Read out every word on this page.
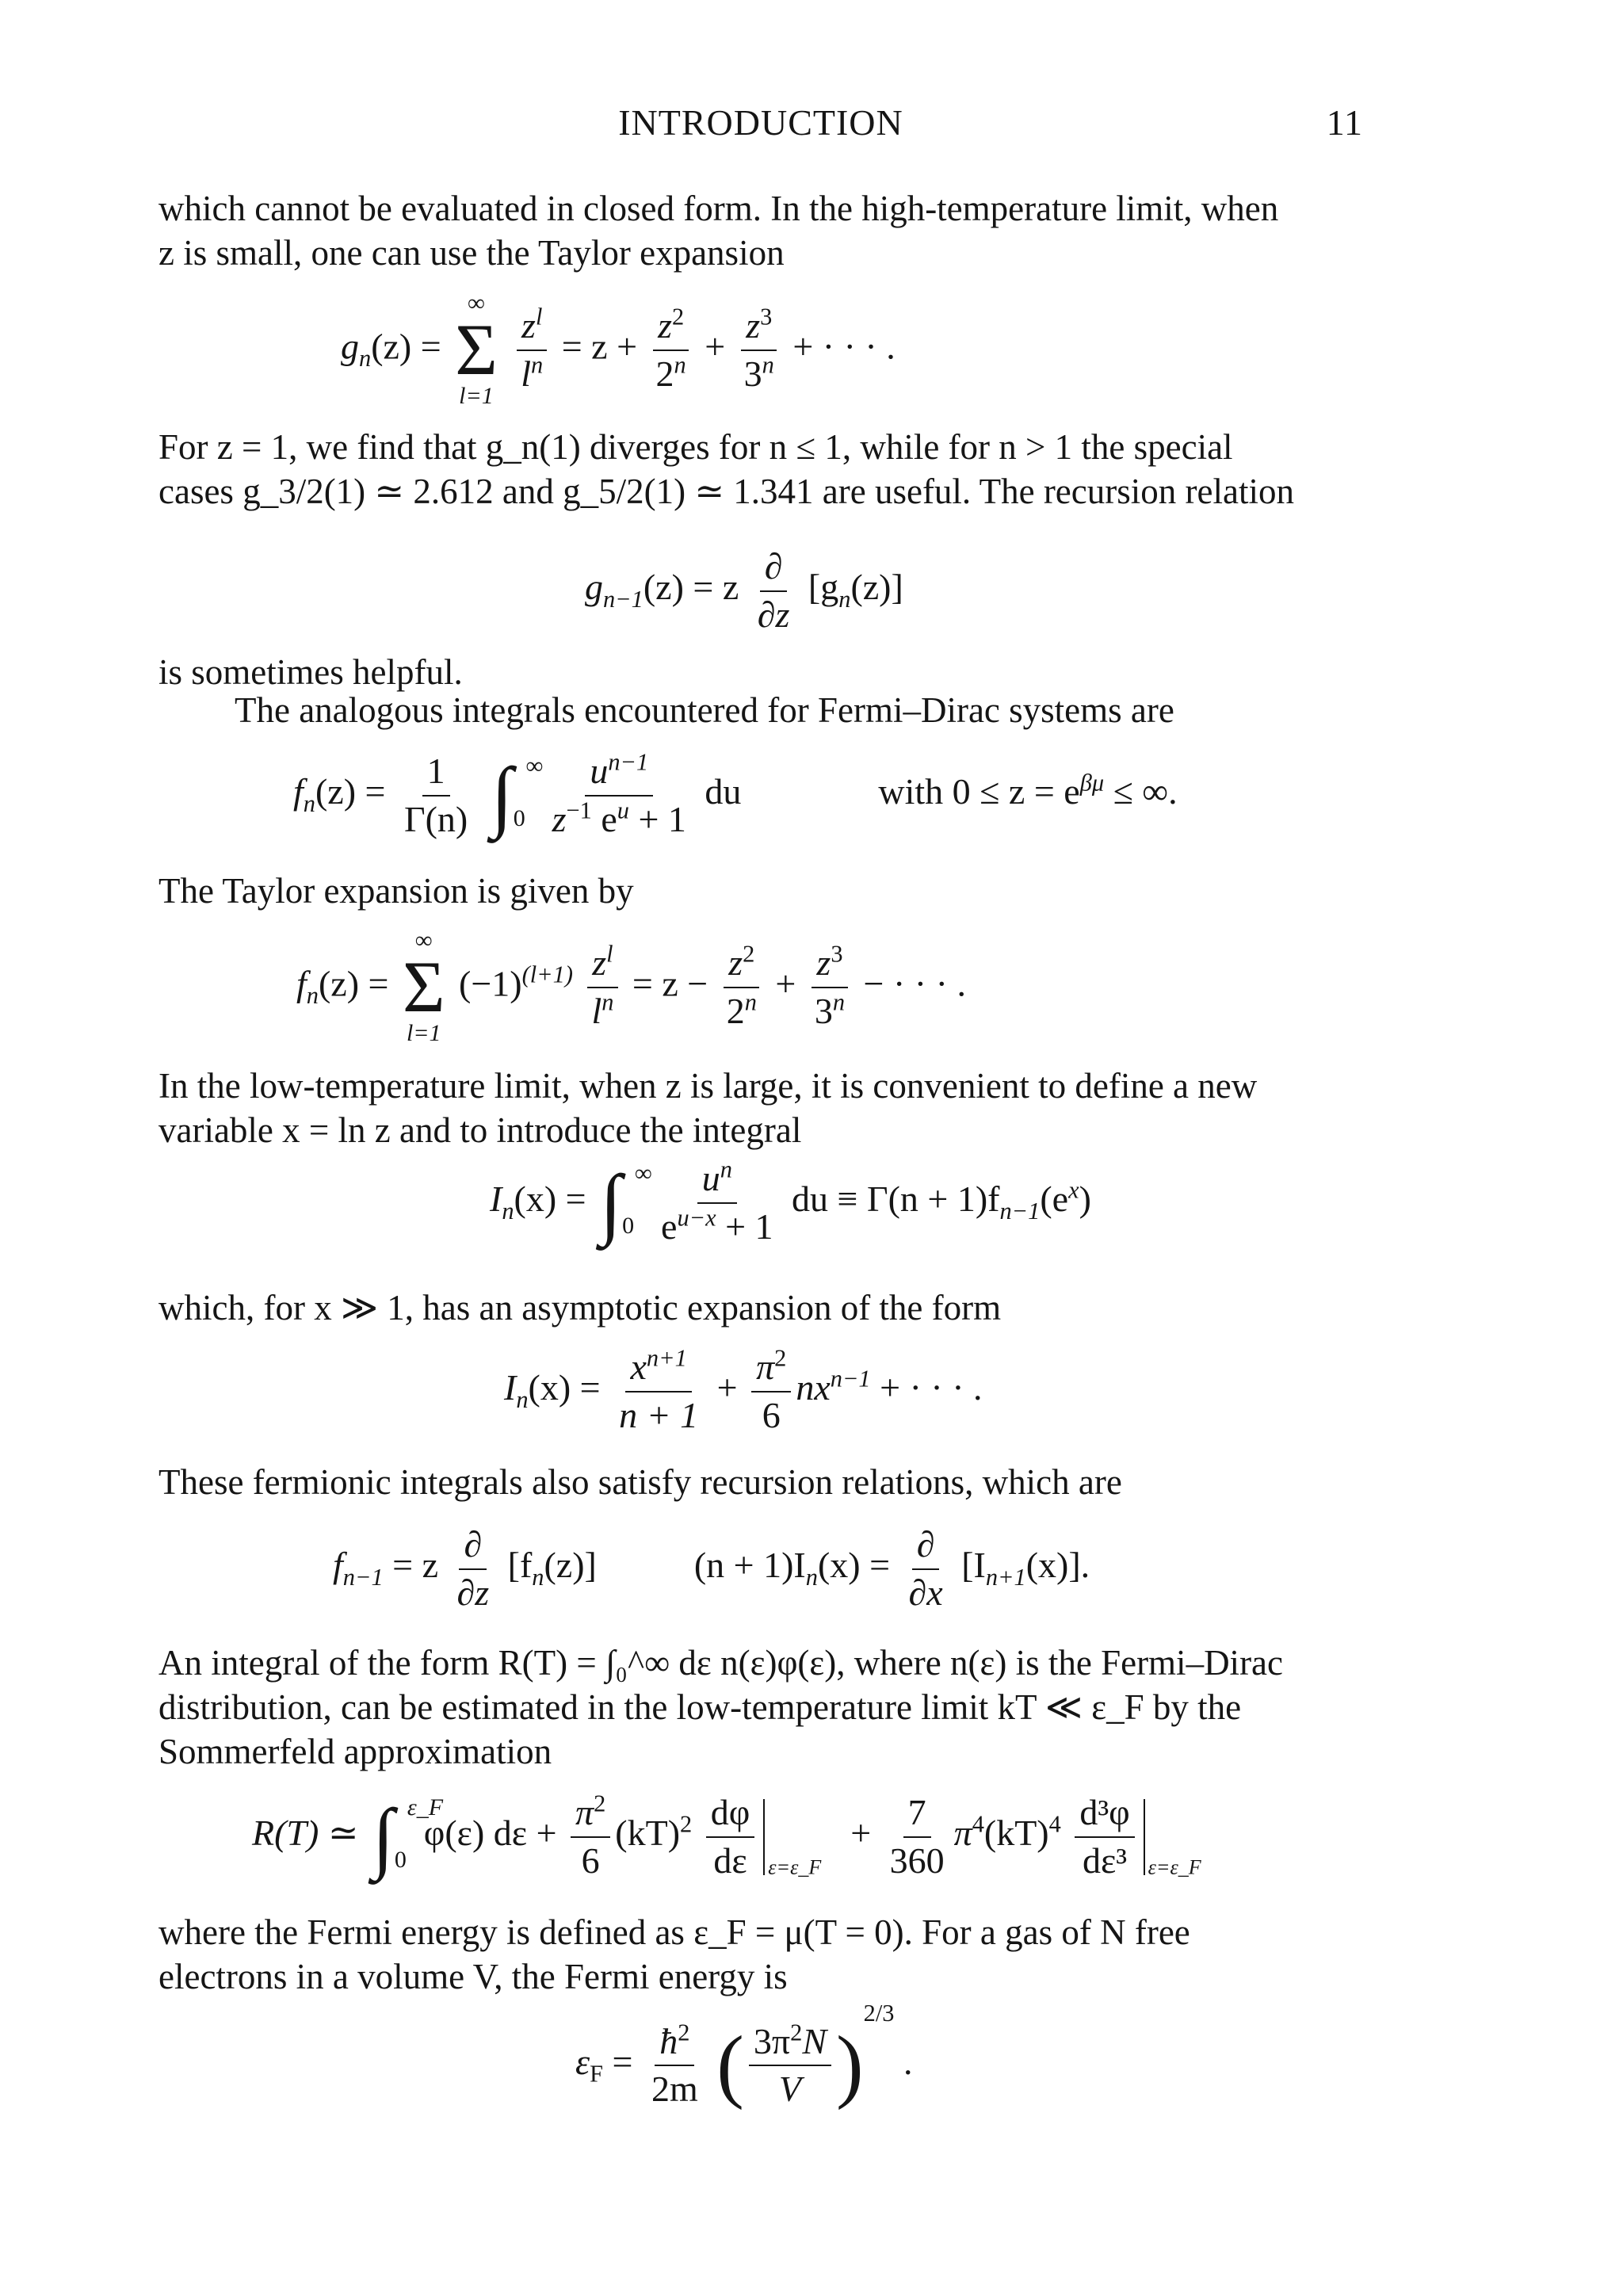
INTRODUCTION	11
which cannot be evaluated in closed form. In the high-temperature limit, when
z is small, one can use the Taylor expansion
$g_n(z)$ =
∞
Σ
l=1

$\frac{z^l}{l^n} = z + \frac{z^2}{2^n} + \frac{z^3}{3^n}$ + · · · .
For z = 1, we find that g_n(1) diverges for n ≤ 1, while for n > 1 the special
cases g_3/2(1) ≃ 2.612 and g_5/2(1) ≃ 1.341 are useful. The recursion relation
$g_{n-1}(z) = z \frac{\partial}{\partial z} [g_n(z)]$
is sometimes helpful.
The analogous integrals encountered for Fermi–Dirac systems are
$f_n(z) = \frac{1}{\Gamma(n)}$ ∫ ∞
0
$\frac{u^{n-1}}{z^{-1} e^u + 1}$ du	with $0 \le z = e^{\beta\mu}$ ≤ ∞.
The Taylor expansion is given by
$f_n(z)$ =
∞
Σ
l=1
$(-1)^{(l+1)} \frac{z^l}{l^n} = z - \frac{z^2}{2^n} + \frac{z^3}{3^n}$ − · · · .
In the low-temperature limit, when z is large, it is convenient to define a new
variable x = ln z and to introduce the integral
$I_n(x)$ = ∫ ∞
0
$\frac{u^n}{e^{u-x} + 1}$ du ≡ $\Gamma(n + 1)f_{n-1}(e^x)$
which, for x ≫ 1, has an asymptotic expansion of the form
$I_n(x) = \frac{x^{n+1}}{n + 1} + \frac{\pi^2}{6} nx^{n-1}$ + · · · .
These fermionic integrals also satisfy recursion relations, which are
$f_{n-1} = z \frac{\partial}{\partial z} [f_n(z)]$	$(n + 1)I_n(x) = \frac{\partial}{\partial x} [I_{n+1}(x)]$.
An integral of the form R(T) = ∫₀^∞ dε n(ε)φ(ε), where n(ε) is the Fermi–Dirac
distribution, can be estimated in the low-temperature limit kT ≪ ε_F by the
Sommerfeld approximation
R(T) ≃ ∫ ε_F
0
φ(ε) $d\varepsilon + \frac{\pi^2}{6} (kT)^2 \frac{d\varphi}{d\varepsilon} _{\varepsilon=\varepsilon\_F} + \frac{7}{360} \pi^4(kT)^4 \frac{\text{d³φ}}{\text{dε³}} _{\varepsilon=\varepsilon\_F}$
where the Fermi energy is defined as ε_F = μ(T = 0). For a gas of N free
electrons in a volume V, the Fermi energy is
$\varepsilon_F = \frac{ħ^2}{2m}$ ( $\frac{3\pi^2N}{V} )^{2/3}$ .
